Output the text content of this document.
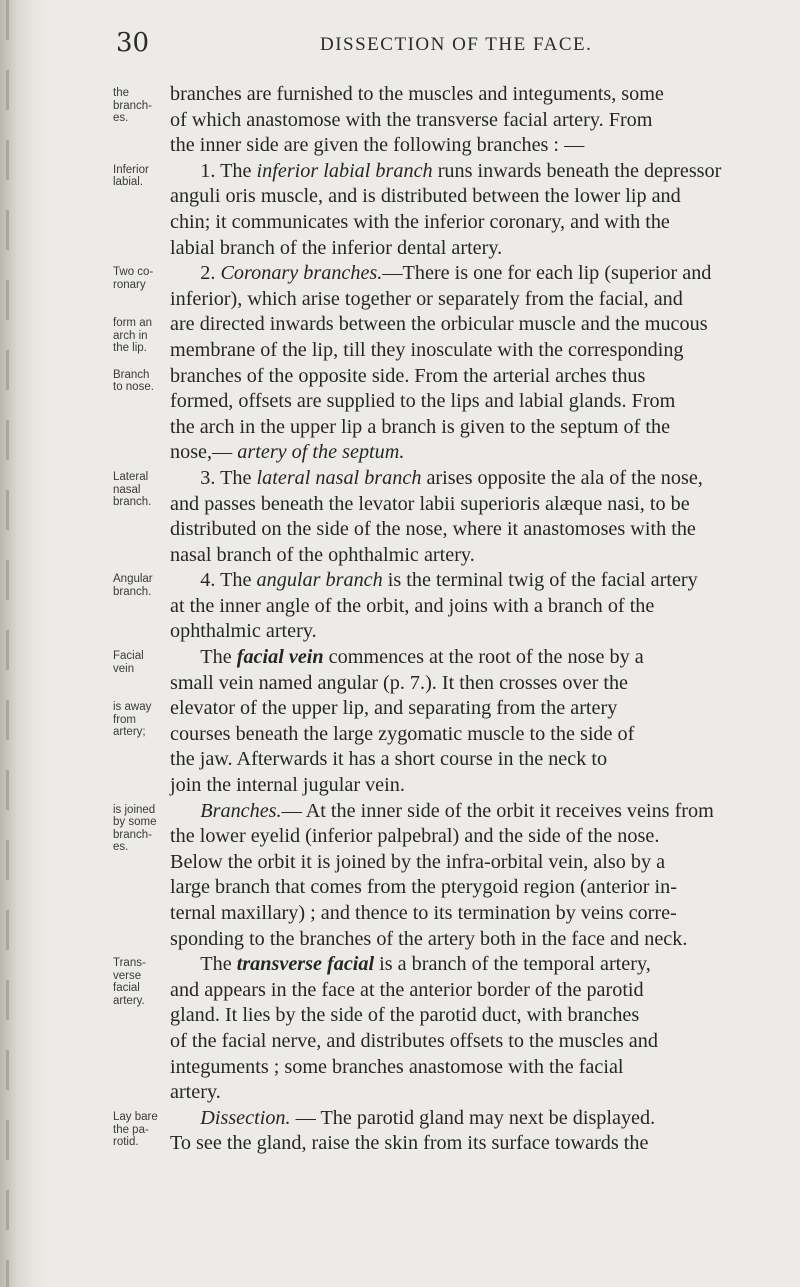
30	DISSECTION OF THE FACE.
the
branch-
es.
Inferior
labial.
Two co-
ronary
form an
arch in
the lip.
Branch
to nose.
Lateral
nasal
branch.
Angular
branch.
Facial
vein
is away
from
artery;
is joined
by some
branch-
es.
Trans-
verse
facial
artery.
Lay bare
the pa-
rotid.
branches are furnished to the muscles and integuments, some
of which anastomose with the transverse facial artery. From
the inner side are given the following branches : —
  1. The inferior labial branch runs inwards beneath the depressor
anguli oris muscle, and is distributed between the lower lip and
chin; it communicates with the inferior coronary, and with the
labial branch of the inferior dental artery.
  2. Coronary branches.—There is one for each lip (superior and
inferior), which arise together or separately from the facial, and
are directed inwards between the orbicular muscle and the mucous
membrane of the lip, till they inosculate with the corresponding
branches of the opposite side. From the arterial arches thus
formed, offsets are supplied to the lips and labial glands. From
the arch in the upper lip a branch is given to the septum of the
nose,— artery of the septum.
  3. The lateral nasal branch arises opposite the ala of the nose,
and passes beneath the levator labii superioris alæque nasi, to be
distributed on the side of the nose, where it anastomoses with the
nasal branch of the ophthalmic artery.
  4. The angular branch is the terminal twig of the facial artery
at the inner angle of the orbit, and joins with a branch of the
ophthalmic artery.
  The facial vein commences at the root of the nose by a
small vein named angular (p. 7.). It then crosses over the
elevator of the upper lip, and separating from the artery
courses beneath the large zygomatic muscle to the side of
the jaw. Afterwards it has a short course in the neck to
join the internal jugular vein.
  Branches.— At the inner side of the orbit it receives veins from
the lower eyelid (inferior palpebral) and the side of the nose.
Below the orbit it is joined by the infra-orbital vein, also by a
large branch that comes from the pterygoid region (anterior in-
ternal maxillary) ; and thence to its termination by veins corre-
sponding to the branches of the artery both in the face and neck.
  The transverse facial is a branch of the temporal artery,
and appears in the face at the anterior border of the parotid
gland. It lies by the side of the parotid duct, with branches
of the facial nerve, and distributes offsets to the muscles and
integuments ; some branches anastomose with the facial
artery.
  Dissection. — The parotid gland may next be displayed.
To see the gland, raise the skin from its surface towards the
